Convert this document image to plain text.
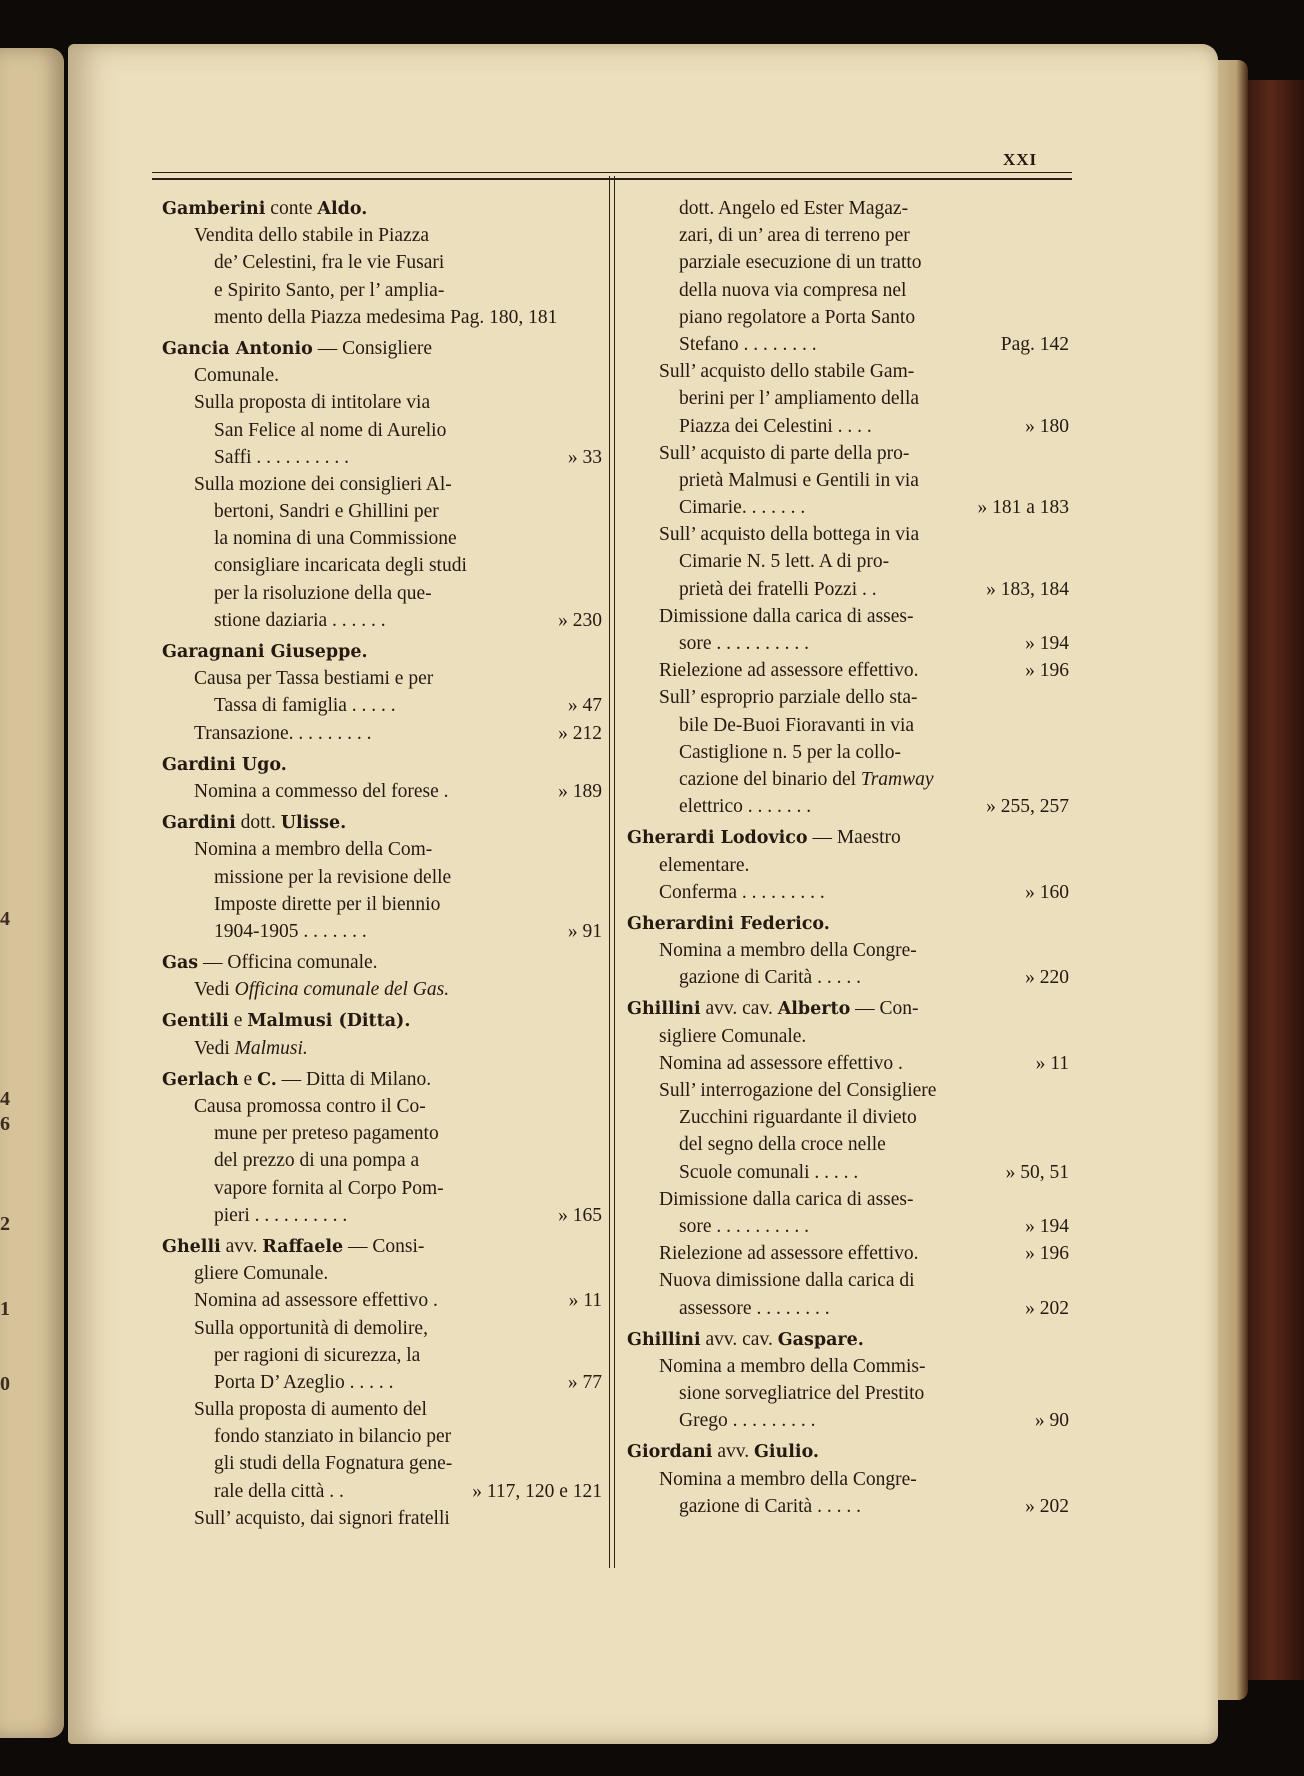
4
4
6
2
1
0
XXI
Gamberini conte Aldo.
Vendita dello stabile in Piazza
de’ Celestini, fra le vie Fusari
e Spirito Santo, per l’ amplia-
mento della Piazza medesima Pag. 180, 181
Gancia Antonio — Consigliere
Comunale.
Sulla proposta di intitolare via
San Felice al nome di Aurelio
Saffi . . . . . . . . . .	» 33
Sulla mozione dei consiglieri Al-
bertoni, Sandri e Ghillini per
la nomina di una Commissione
consigliare incaricata degli studi
per la risoluzione della que-
stione daziaria . . . . . .	» 230
Garagnani Giuseppe.
Causa per Tassa bestiami e per
Tassa di famiglia . . . . .	» 47
Transazione. . . . . . . . .	» 212
Gardini Ugo.
Nomina a commesso del forese .	» 189
Gardini dott. Ulisse.
Nomina a membro della Com-
missione per la revisione delle
Imposte dirette per il biennio
1904-1905 . . . . . . .	» 91
Gas — Officina comunale.
Vedi Officina comunale del Gas.
Gentili e Malmusi (Ditta).
Vedi Malmusi.
Gerlach e C. — Ditta di Milano.
Causa promossa contro il Co-
mune per preteso pagamento
del prezzo di una pompa a
vapore fornita al Corpo Pom-
pieri . . . . . . . . . .	» 165
Ghelli avv. Raffaele — Consi-
gliere Comunale.
Nomina ad assessore effettivo .	» 11
Sulla opportunità di demolire,
per ragioni di sicurezza, la
Porta D’ Azeglio . . . . .	» 77
Sulla proposta di aumento del
fondo stanziato in bilancio per
gli studi della Fognatura gene-
rale della città . .	» 117, 120 e 121
Sull’ acquisto, dai signori fratelli
dott. Angelo ed Ester Magaz-
zari, di un’ area di terreno per
parziale esecuzione di un tratto
della nuova via compresa nel
piano regolatore a Porta Santo
Stefano . . . . . . . .	Pag. 142
Sull’ acquisto dello stabile Gam-
berini per l’ ampliamento della
Piazza dei Celestini . . . .	» 180
Sull’ acquisto di parte della pro-
prietà Malmusi e Gentili in via
Cimarie. . . . . . .	» 181 a 183
Sull’ acquisto della bottega in via
Cimarie N. 5 lett. A di pro-
prietà dei fratelli Pozzi . .	» 183, 184
Dimissione dalla carica di asses-
sore . . . . . . . . . .	» 194
Rielezione ad assessore effettivo.	» 196
Sull’ esproprio parziale dello sta-
bile De-Buoi Fioravanti in via
Castiglione n. 5 per la collo-
cazione del binario del Tramway
elettrico . . . . . . .	» 255, 257
Gherardi Lodovico — Maestro
elementare.
Conferma . . . . . . . . .	» 160
Gherardini Federico.
Nomina a membro della Congre-
gazione di Carità . . . . .	» 220
Ghillini avv. cav. Alberto — Con-
sigliere Comunale.
Nomina ad assessore effettivo .	» 11
Sull’ interrogazione del Consigliere
Zucchini riguardante il divieto
del segno della croce nelle
Scuole comunali . . . . .	» 50, 51
Dimissione dalla carica di asses-
sore . . . . . . . . . .	» 194
Rielezione ad assessore effettivo.	» 196
Nuova dimissione dalla carica di
assessore . . . . . . . .	» 202
Ghillini avv. cav. Gaspare.
Nomina a membro della Commis-
sione sorvegliatrice del Prestito
Grego . . . . . . . . .	» 90
Giordani avv. Giulio.
Nomina a membro della Congre-
gazione di Carità . . . . .	» 202
